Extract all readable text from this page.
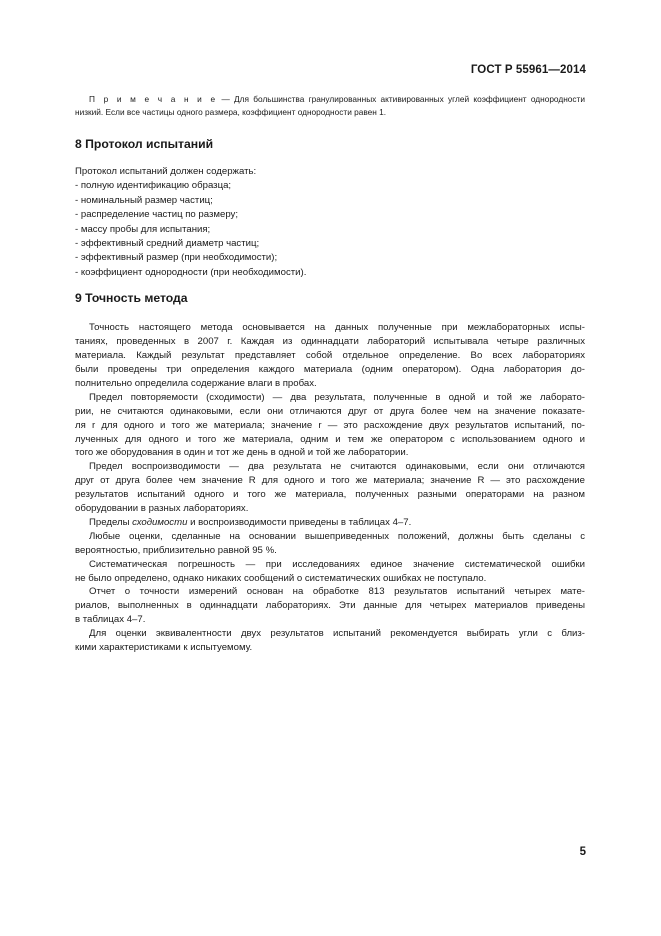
ГОСТ Р 55961—2014
П р и м е ч а н и е — Для большинства гранулированных активированных углей коэффициент однородности
низкий. Если все частицы одного размера, коэффициент однородности равен 1.
8 Протокол испытаний
Протокол испытаний должен содержать:
- полную идентификацию образца;
- номинальный размер частиц;
- распределение частиц по размеру;
- массу пробы для испытания;
- эффективный средний диаметр частиц;
- эффективный размер (при необходимости);
- коэффициент однородности (при необходимости).
9 Точность метода

Точность настоящего метода основывается на данных полученные при межлабораторных испы-
таниях, проведенных в 2007 г. Каждая из одиннадцати лабораторий испытывала четыре различных
материала. Каждый результат представляет собой отдельное определение. Во всех лабораториях
были проведены три определения каждого материала (одним оператором). Одна лаборатория до-
полнительно определила содержание влаги в пробах.

Предел повторяемости (сходимости) — два результата, полученные в одной и той же лаборато-
рии, не считаются одинаковыми, если они отличаются друг от друга более чем на значение показате-
ля r для одного и того же материала; значение r — это расхождение двух результатов испытаний, по-
лученных для одного и того же материала, одним и тем же оператором с использованием одного и
того же оборудования в один и тот же день в одной и той же лаборатории.

Предел воспроизводимости — два результата не считаются одинаковыми, если они отличаются
друг от друга более чем значение R для одного и того же материала; значение R — это расхождение
результатов испытаний одного и того же материала, полученных разными операторами на разном
оборудовании в разных лабораториях.

Пределы сходимости и воспроизводимости приведены в таблицах 4–7.

Любые оценки, сделанные на основании вышеприведенных положений, должны быть сделаны с
вероятностью, приблизительно равной 95 %.

Систематическая погрешность — при исследованиях единое значение систематической ошибки
не было определено, однако никаких сообщений о систематических ошибках не поступало.

Отчет о точности измерений основан на обработке 813 результатов испытаний четырех мате-
риалов, выполненных в одиннадцати лабораториях. Эти данные для четырех материалов приведены
в таблицах 4–7.

Для оценки эквивалентности двух результатов испытаний рекомендуется выбирать угли с близ-
кими характеристиками к испытуемому.

5
